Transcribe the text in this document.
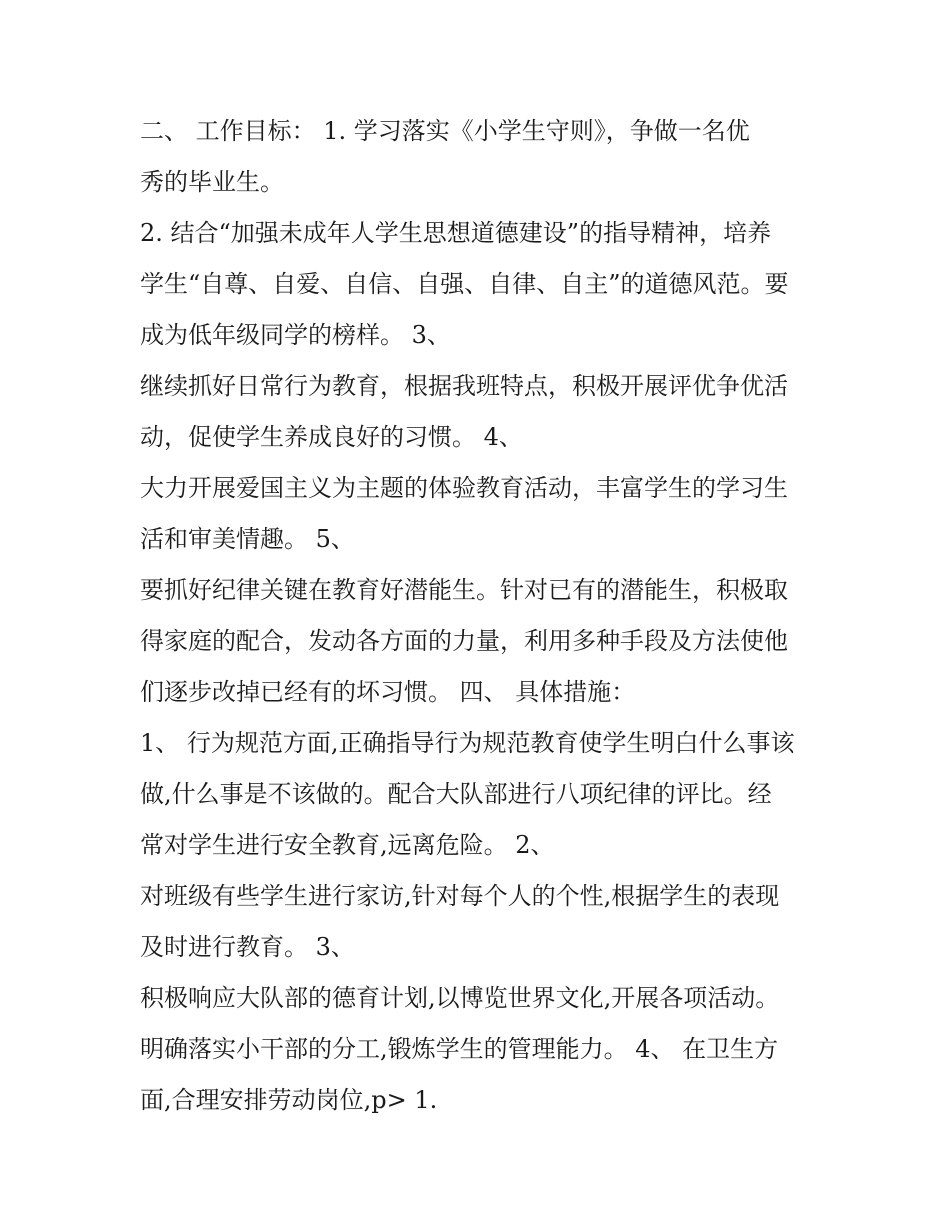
二、 工作目标： 1. 学习落实《小学生守则》，争做一名优
秀的毕业生。
2. 结合“加强未成年人学生思想道德建设”的指导精神，培养
学生“自尊、自爱、自信、自强、自律、自主”的道德风范。要
成为低年级同学的榜样。 3、
继续抓好日常行为教育，根据我班特点，积极开展评优争优活
动，促使学生养成良好的习惯。 4、
大力开展爱国主义为主题的体验教育活动，丰富学生的学习生
活和审美情趣。 5、
要抓好纪律关键在教育好潜能生。针对已有的潜能生，积极取
得家庭的配合，发动各方面的力量，利用多种手段及方法使他
们逐步改掉已经有的坏习惯。 四、 具体措施：
1、 行为规范方面,正确指导行为规范教育使学生明白什么事该
做,什么事是不该做的。配合大队部进行八项纪律的评比。经
常对学生进行安全教育,远离危险。 2、
对班级有些学生进行家访,针对每个人的个性,根据学生的表现
及时进行教育。 3、
积极响应大队部的德育计划,以博览世界文化,开展各项活动。
明确落实小干部的分工,锻炼学生的管理能力。 4、 在卫生方
面,合理安排劳动岗位,p> 1.
